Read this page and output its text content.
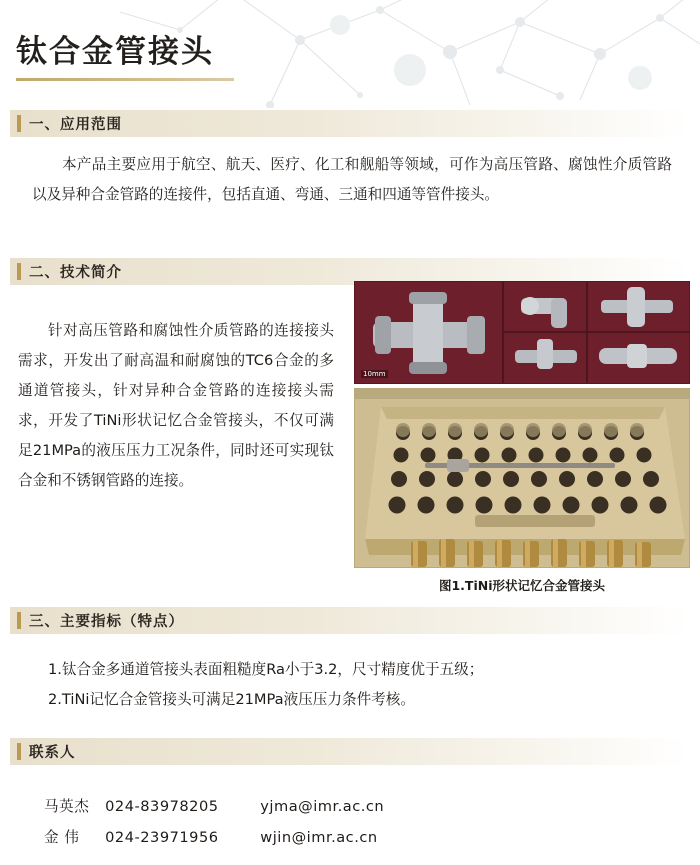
钛合金管接头
一、应用范围
本产品主要应用于航空、航天、医疗、化工和舰船等领域，可作为高压管路、腐蚀性介质管路以及异种合金管路的连接件，包括直通、弯通、三通和四通等管件接头。
二、技术简介
针对高压管路和腐蚀性介质管路的连接接头需求，开发出了耐高温和耐腐蚀的TC6合金的多通道管接头，针对异种合金管路的连接接头需求，开发了TiNi形状记忆合金管接头，不仅可满足21MPa的液压压力工况条件，同时还可实现钛合金和不锈钢管路的连接。
10mm
图1.TiNi形状记忆合金管接头
三、主要指标（特点）
1.钛合金多通道管接头表面粗糙度Ra小于3.2，尺寸精度优于五级；
2.TiNi记忆合金管接头可满足21MPa液压压力条件考核。
联系人
马英杰 024-83978205	yjma@imr.ac.cn
金 伟 024-23971956	wjin@imr.ac.cn
